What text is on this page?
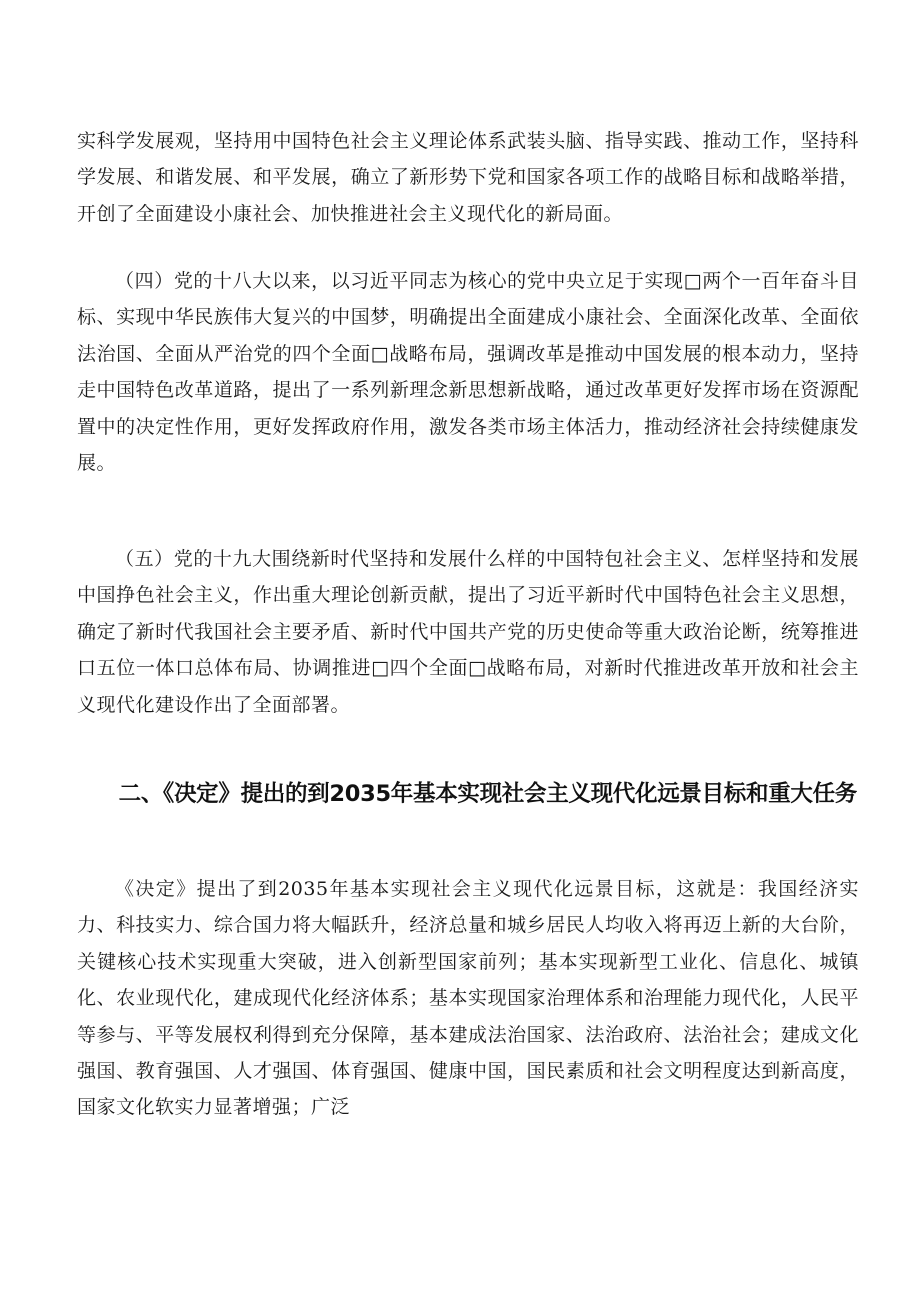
实科学发展观，坚持用中国特色社会主义理论体系武装头脑、指导实践、推动工作，坚持科学发展、和谐发展、和平发展，确立了新形势下党和国家各项工作的战略目标和战略举措，开创了全面建设小康社会、加快推进社会主义现代化的新局面。

（四）党的十八大以来，以习近平同志为核心的党中央立足于实现□两个一百年奋斗目标、实现中华民族伟大复兴的中国梦，明确提出全面建成小康社会、全面深化改革、全面依法治国、全面从严治党的四个全面□战略布局，强调改革是推动中国发展的根本动力，坚持走中国特色改革道路，提出了一系列新理念新思想新战略，通过改革更好发挥市场在资源配置中的决定性作用，更好发挥政府作用，激发各类市场主体活力，推动经济社会持续健康发展。

（五）党的十九大围绕新时代坚持和发展什么样的中国特包社会主义、怎样坚持和发展中国挣色社会主义，作出重大理论创新贡献，提出了习近平新时代中国特色社会主义思想，确定了新时代我国社会主要矛盾、新时代中国共产党的历史使命等重大政治论断，统筹推进口五位一体口总体布局、协调推进□四个全面□战略布局，对新时代推进改革开放和社会主义现代化建设作出了全面部署。

二、《决定》提出的到2035年基本实现社会主义现代化远景目标和重大任务

《决定》提出了到2035年基本实现社会主义现代化远景目标，这就是：我国经济实力、科技实力、综合国力将大幅跃升，经济总量和城乡居民人均收入将再迈上新的大台阶，关键核心技术实现重大突破，进入创新型国家前列；基本实现新型工业化、信息化、城镇化、农业现代化，建成现代化经济体系；基本实现国家治理体系和治理能力现代化，人民平等参与、平等发展权利得到充分保障，基本建成法治国家、法治政府、法治社会；建成文化强国、教育强国、人才强国、体育强国、健康中国，国民素质和社会文明程度达到新高度，国家文化软实力显著增强；广泛
